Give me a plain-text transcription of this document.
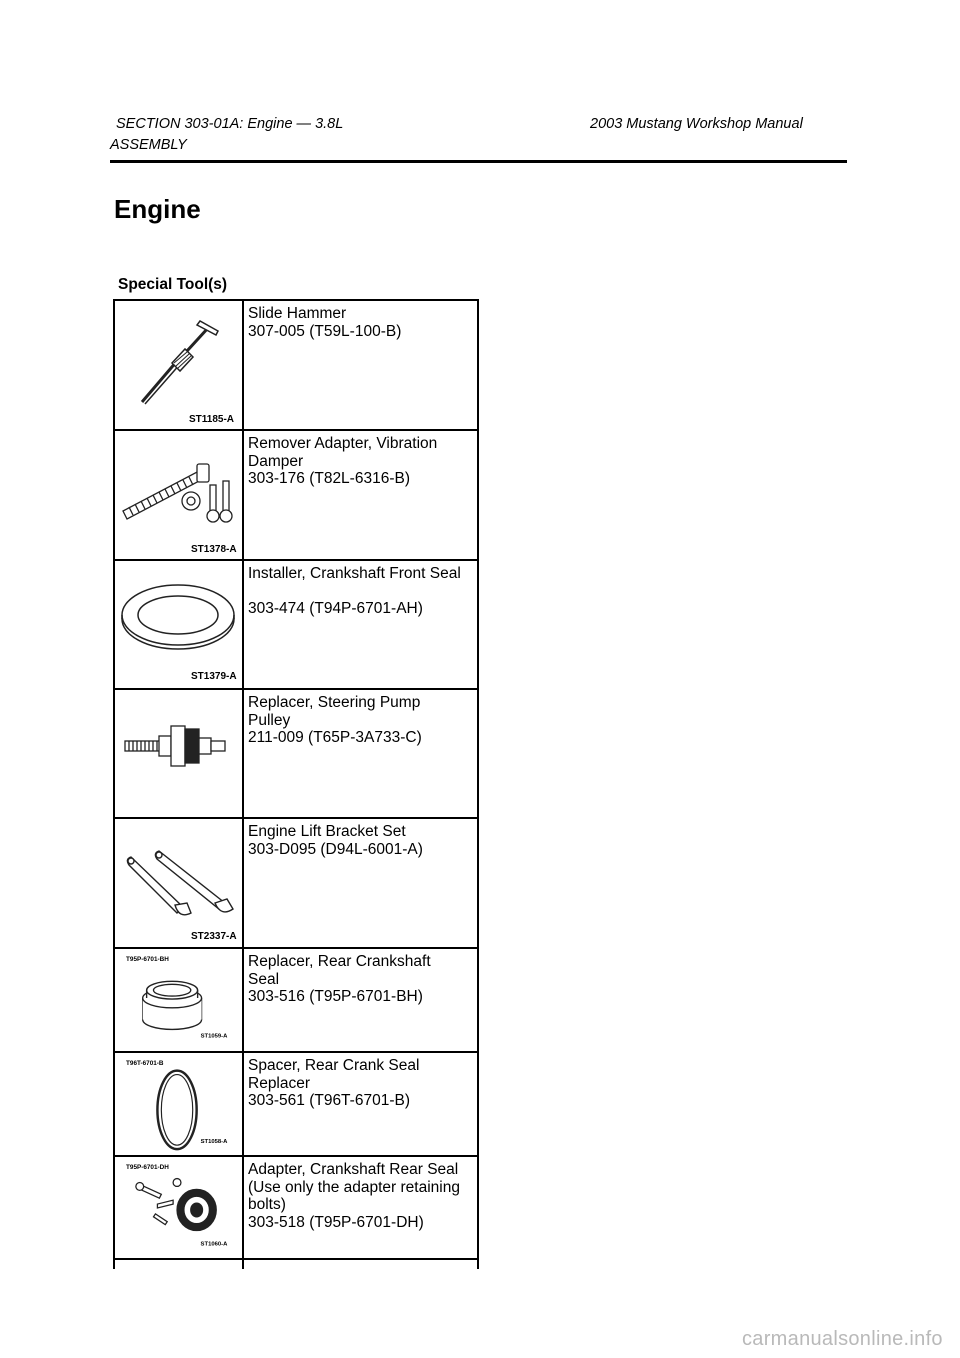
SECTION 303-01A: Engine — 3.8L	2003 Mustang Workshop Manual
ASSEMBLY
Engine
Special Tool(s)
ST1185-A
Slide Hammer
307-005 (T59L-100-B)
ST1378-A
Remover Adapter, Vibration
Damper
303-176 (T82L-6316-B)
ST1379-A
Installer, Crankshaft Front Seal
303-474 (T94P-6701-AH)
Replacer, Steering Pump
Pulley
211-009 (T65P-3A733-C)
ST2337-A
Engine Lift Bracket Set
303-D095 (D94L-6001-A)
T95P-6701-BH
ST1059-A
Replacer, Rear Crankshaft
Seal
303-516 (T95P-6701-BH)
T96T-6701-B
ST1058-A
Spacer, Rear Crank Seal
Replacer
303-561 (T96T-6701-B)
T95P-6701-DH
ST1060-A
Adapter, Crankshaft Rear Seal
(Use only the adapter retaining
bolts)
303-518 (T95P-6701-DH)
carmanualsonline.info
